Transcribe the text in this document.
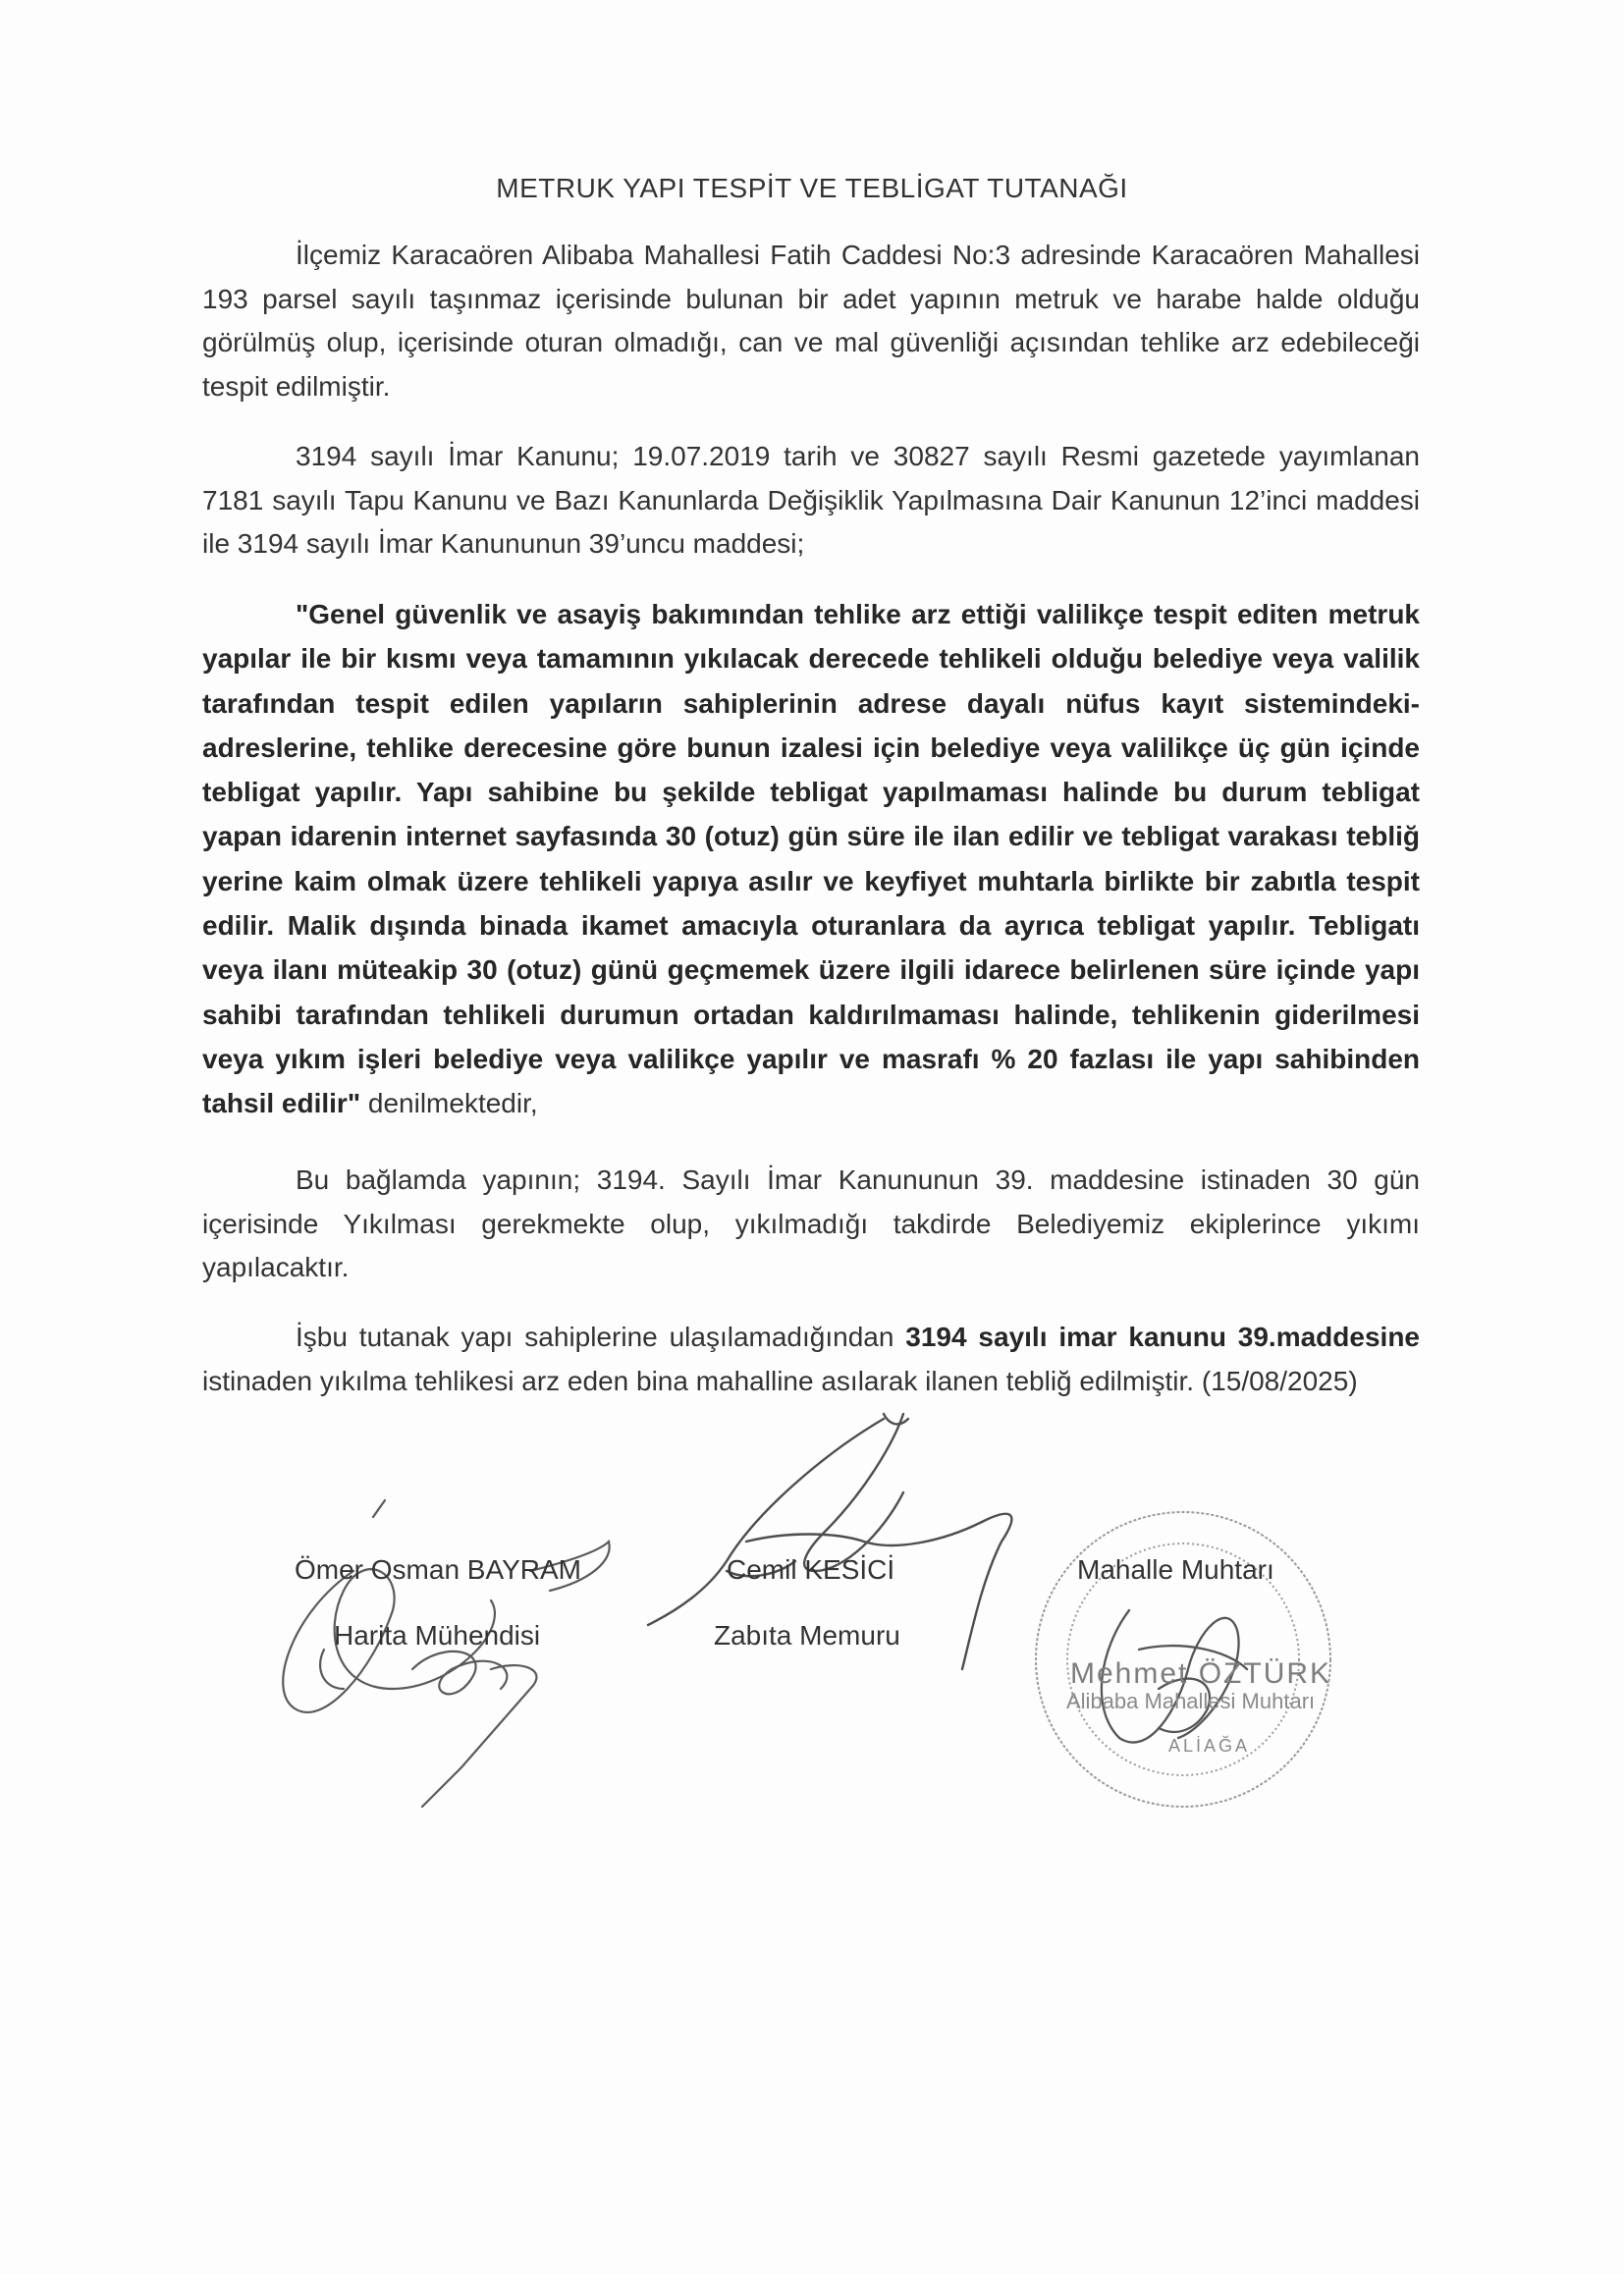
METRUK YAPI TESPİT VE TEBLİGAT TUTANAĞI
İlçemiz Karacaören Alibaba Mahallesi Fatih Caddesi No:3 adresinde Karacaören Mahallesi 193 parsel sayılı taşınmaz içerisinde bulunan bir adet yapının metruk ve harabe halde olduğu görülmüş olup, içerisinde oturan olmadığı, can ve mal güvenliği açısından tehlike arz edebileceği tespit edilmiştir.
3194 sayılı İmar Kanunu; 19.07.2019 tarih ve 30827 sayılı Resmi gazetede yayımlanan 7181 sayılı Tapu Kanunu ve Bazı Kanunlarda Değişiklik Yapılmasına Dair Kanunun 12’inci maddesi ile 3194 sayılı İmar Kanununun 39’uncu maddesi;
"Genel güvenlik ve asayiş bakımından tehlike arz ettiği valilikçe tespit editen metruk yapılar ile bir kısmı veya tamamının yıkılacak derecede tehlikeli olduğu belediye veya valilik tarafından tespit edilen yapıların sahiplerinin adrese dayalı nüfus kayıt sistemindeki-adreslerine, tehlike derecesine göre bunun izalesi için belediye veya valilikçe üç gün içinde tebligat yapılır. Yapı sahibine bu şekilde tebligat yapılmaması halinde bu durum tebligat yapan idarenin internet sayfasında 30 (otuz) gün süre ile ilan edilir ve tebligat varakası tebliğ yerine kaim olmak üzere tehlikeli yapıya asılır ve keyfiyet muhtarla birlikte bir zabıtla tespit edilir. Malik dışında binada ikamet amacıyla oturanlara da ayrıca tebligat yapılır. Tebligatı veya ilanı müteakip 30 (otuz) günü geçmemek üzere ilgili idarece belirlenen süre içinde yapı sahibi tarafından tehlikeli durumun ortadan kaldırılmaması halinde, tehlikenin giderilmesi veya yıkım işleri belediye veya valilikçe yapılır ve masrafı % 20 fazlası ile yapı sahibinden tahsil edilir" denilmektedir,
Bu bağlamda yapının; 3194. Sayılı İmar Kanununun 39. maddesine istinaden 30 gün içerisinde Yıkılması gerekmekte olup, yıkılmadığı takdirde Belediyemiz ekiplerince yıkımı yapılacaktır.
İşbu tutanak yapı sahiplerine ulaşılamadığından 3194 sayılı imar kanunu 39.maddesine istinaden yıkılma tehlikesi arz eden bina mahalline asılarak ilanen tebliğ edilmiştir. (15/08/2025)
Ömer Osman BAYRAM
Harita Mühendisi
Cemil KESİCİ
Zabıta Memuru
Mahalle Muhtarı
Mehmet ÖZTÜRK
Alibaba Mahallesi Muhtarı
ALİAĞA
